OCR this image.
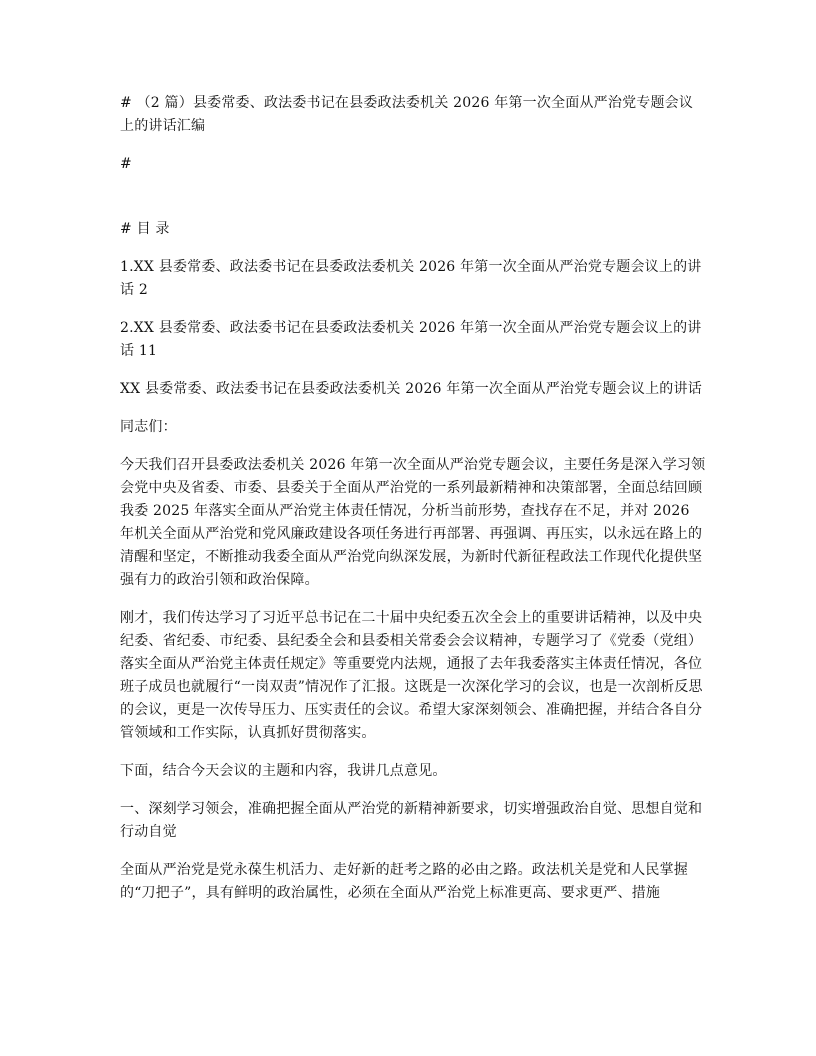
# （2 篇）县委常委、政法委书记在县委政法委机关 2026 年第一次全面从严治党专题会议上的讲话汇编

#

# 目 录

1.XX 县委常委、政法委书记在县委政法委机关 2026 年第一次全面从严治党专题会议上的讲话 2

2.XX 县委常委、政法委书记在县委政法委机关 2026 年第一次全面从严治党专题会议上的讲话 11

XX 县委常委、政法委书记在县委政法委机关 2026 年第一次全面从严治党专题会议上的讲话

同志们：

今天我们召开县委政法委机关 2026 年第一次全面从严治党专题会议，主要任务是深入学习领会党中央及省委、市委、县委关于全面从严治党的一系列最新精神和决策部署，全面总结回顾我委 2025 年落实全面从严治党主体责任情况，分析当前形势，查找存在不足，并对 2026 年机关全面从严治党和党风廉政建设各项任务进行再部署、再强调、再压实，以永远在路上的清醒和坚定，不断推动我委全面从严治党向纵深发展，为新时代新征程政法工作现代化提供坚强有力的政治引领和政治保障。

刚才，我们传达学习了习近平总书记在二十届中央纪委五次全会上的重要讲话精神，以及中央纪委、省纪委、市纪委、县纪委全会和县委相关常委会会议精神，专题学习了《党委（党组）落实全面从严治党主体责任规定》等重要党内法规，通报了去年我委落实主体责任情况，各位班子成员也就履行“一岗双责”情况作了汇报。这既是一次深化学习的会议，也是一次剖析反思的会议，更是一次传导压力、压实责任的会议。希望大家深刻领会、准确把握，并结合各自分管领域和工作实际，认真抓好贯彻落实。

下面，结合今天会议的主题和内容，我讲几点意见。

一、深刻学习领会，准确把握全面从严治党的新精神新要求，切实增强政治自觉、思想自觉和行动自觉

全面从严治党是党永葆生机活力、走好新的赶考之路的必由之路。政法机关是党和人民掌握的“刀把子”，具有鲜明的政治属性，必须在全面从严治党上标准更高、要求更严、措施
